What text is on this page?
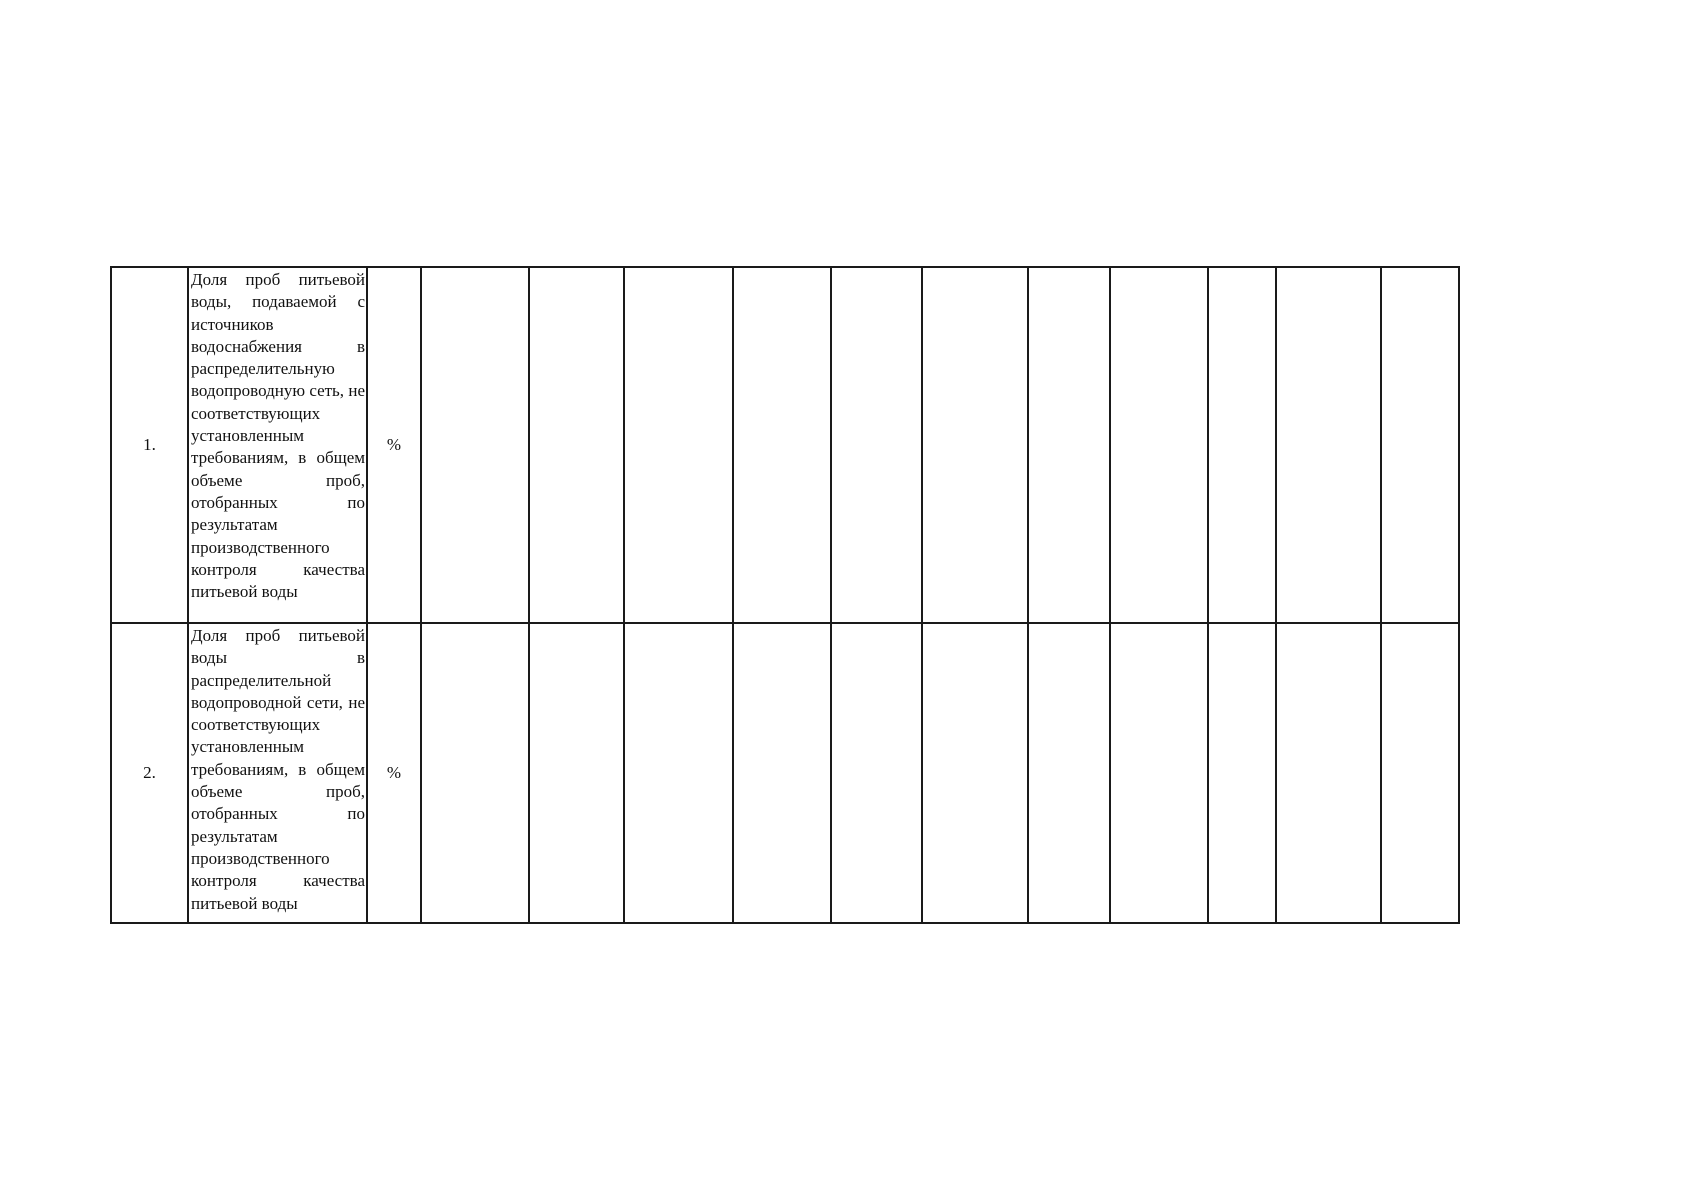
1.	Доля проб питьевой воды, подаваемой с источников водоснабжения в распределительную водопроводную сеть, не соответствующих установленным требованиям, в общем объеме проб, отобранных по результатам производственного контроля качества питьевой воды	%											
2.	Доля проб питьевой воды в распределительной водопроводной сети, не соответствующих установленным требованиям, в общем объеме проб, отобранных по результатам производственного контроля качества питьевой воды	%											
